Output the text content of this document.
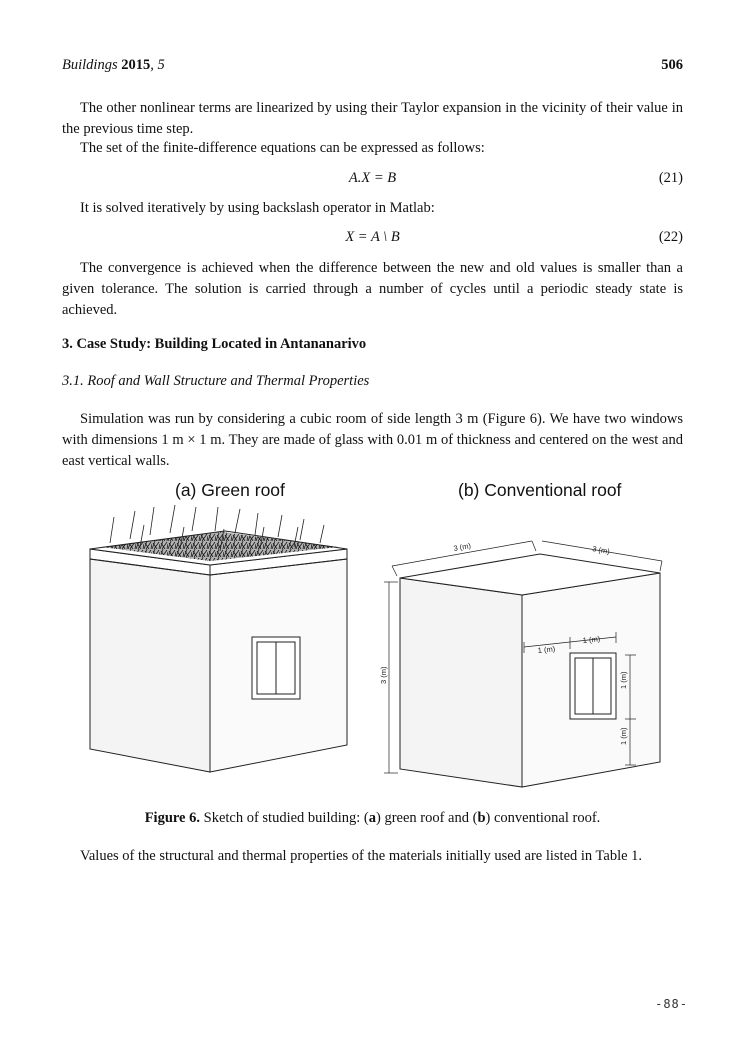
Buildings 2015, 5	506

The other nonlinear terms are linearized by using their Taylor expansion in the vicinity of their value in the previous time step.

The set of the finite-difference equations can be expressed as follows:

A.X = B	(21)

It is solved iteratively by using backslash operator in Matlab:

X = A \ B	(22)

The convergence is achieved when the difference between the new and old values is smaller than a given tolerance. The solution is carried through a number of cycles until a periodic steady state is achieved.

3. Case Study: Building Located in Antananarivo

3.1. Roof and Wall Structure and Thermal Properties

Simulation was run by considering a cubic room of side length 3 m (Figure 6). We have two windows with dimensions 1 m × 1 m. They are made of glass with 0.01 m of thickness and centered on the west and east vertical walls.

(a) Green roof	(b) Conventional roof
3 (m)	3 (m)
3 (m)
1 (m)
1 (m)
1 (m)
1 (m)
Figure 6. Sketch of studied building: (a) green roof and (b) conventional roof.

Values of the structural and thermal properties of the materials initially used are listed in Table 1.

-88-
